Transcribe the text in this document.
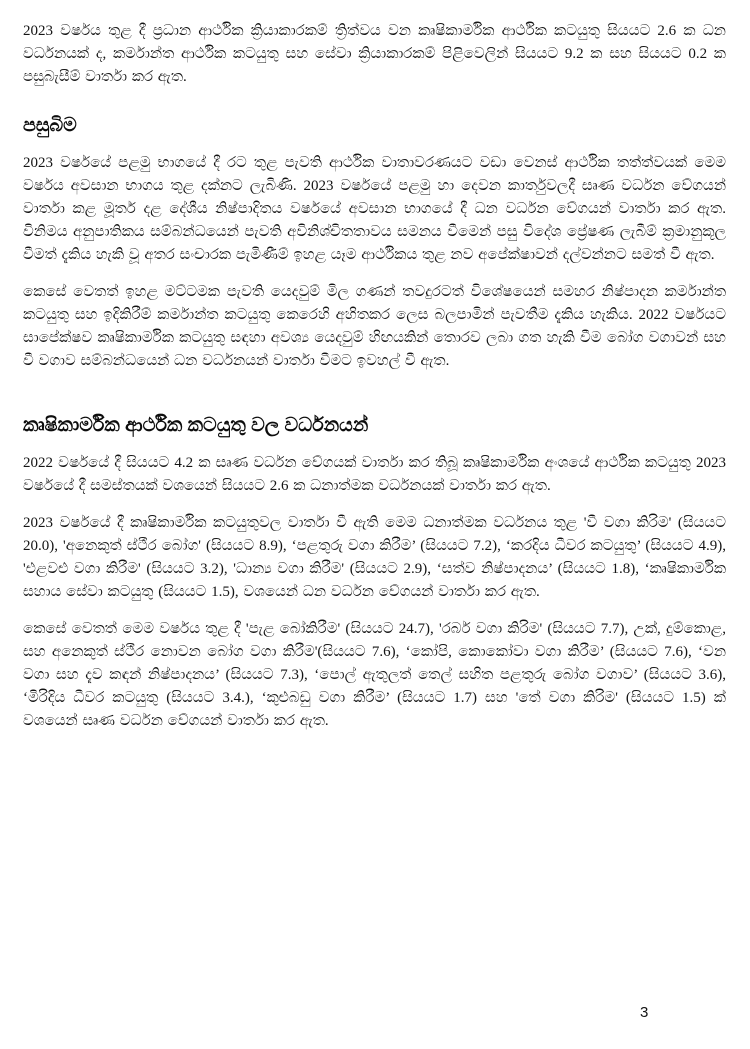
2023 වර්ෂය තුළ දී ප්‍රධාන ආර්ථික ක්‍රියාකාරකම් ත්‍රිත්වය වන කෘෂිකාර්මික ආර්ථික කටයුතු සියයට 2.6 ක ධන වර්ධනයක් ද, කර්මාන්ත ආර්ථික කටයුතු සහ සේවා ක්‍රියාකාරකම් පිළිවෙලින් සියයට 9.2 ක සහ සියයට 0.2 ක පසුබැසීම් වාර්තා කර ඇත.

පසුබිම

2023 වර්ෂයේ පළමු භාගයේ දී රට තුළ පැවති ආර්ථික වාතාවරණයට වඩා වෙනස් ආර්ථික තත්ත්වයක් මෙම වර්ෂය අවසාන භාගය තුළ දක්නට ලැබිණි. 2023 වර්ෂයේ පළමු හා දෙවන කාර්තුවලදී සෘණ වර්ධන වේගයන් වාර්තා කළ මූර්ත දළ දේශීය නිෂ්පාදිතය වර්ෂයේ අවසාන භාගයේ දී ධන වර්ධන වේගයන් වාර්තා කර ඇත. විනිමය අනුපාතිකය සම්බන්ධයෙන් පැවති අවිනිශ්චිතතාවය සමනය වීමෙන් පසු විදේශ ප්‍රේෂණ ලැබීම් ක්‍රමානුකූල වීමත් දැකිය හැකි වූ අතර සංචාරක පැමිණීම් ඉහළ යෑම ආර්ථිකය තුළ නව අපේක්ෂාවන් දල්වන්නට සමත් වී ඇත.

කෙසේ වෙතත් ඉහළ මට්ටමක පැවති යෙදවුම් මිල ගණන් තවදුරටත් විශේෂයෙන් සමහර නිෂ්පාදන කර්මාන්ත කටයුතු සහ ඉදිකිරීම් කර්මාන්ත කටයුතු කෙරෙහි අහිතකර ලෙස බලපාමින් පැවතීම දැකිය හැකිය. 2022 වර්ෂයට සාපේක්ෂව කෘෂිකාර්මික කටයුතු සඳහා අවශ්‍ය යෙදවුම් හිඟයකින් තොරව ලබා ගත හැකි වීම බෝග වගාවන් සහ වී වගාව සම්බන්ධයෙන් ධන වර්ධනයන් වාර්තා වීමට ඉවහල් වී ඇත.

කෘෂිකාර්මික ආර්ථික කටයුතු වල වර්ධනයන්

2022 වර්ෂයේ දී සියයට 4.2 ක සෘණ වර්ධන වේගයක් වාර්තා කර තිබූ කෘෂිකාර්මික අංශයේ ආර්ථික කටයුතු 2023 වර්ෂයේ දී සමස්තයක් වශයෙන් සියයට 2.6 ක ධනාත්මක වර්ධනයක් වාර්තා කර ඇත.

2023 වර්ෂයේ දී කෘෂිකාර්මික කටයුතුවල වාර්තා වී ඇති මෙම ධනාත්මක වර්ධනය තුළ 'වී වගා කිරිම' (සියයට 20.0), 'අනෙකුත් ස්ථීර බෝග' (සියයට 8.9), ‘පළතුරු වගා කිරීම’ (සියයට 7.2), ‘කරදිය ධීවර කටයුතු’ (සියයට 4.9), 'එළවළු වගා කිරීම' (සියයට 3.2), 'ධාන්‍ය වගා කිරීම' (සියයට 2.9), ‘සත්ව නිෂ්පාදනය’ (සියයට 1.8), ‘කෘෂිකාර්මික සහාය සේවා කටයුතු (සියයට 1.5), වශයෙන් ධන වර්ධන වේගයන් වාර්තා කර ඇත.

කෙසේ වෙතත් මෙම වර්ෂය තුළ දී 'පැළ බෝකිරීම' (සියයට 24.7), 'රබර් වගා කිරිම' (සියයට 7.7), උක්, දුම්කොළ, සහ අනෙකුත් ස්ථීර නොවන බෝග වගා කිරීම'(සියයට 7.6), ‘කෝපි, කොකෝවා වගා කිරීම’ (සියයට 7.6), ‘වන වගා සහ දැව කඳන් නිෂ්පාදනය’ (සියයට 7.3), ‘පොල් ඇතුලත් තෙල් සහිත පළතුරු බෝග වගාව’ (සියයට 3.6), ‘මිරිදිය ධීවර කටයුතු (සියයට 3.4.), ‘කුළුබඩු වගා කිරීම’ (සියයට 1.7) සහ 'තේ වගා කිරිම' (සියයට 1.5) ක් වශයෙන් සෘණ වර්ධන වේගයන් වාර්තා කර ඇත.

3
